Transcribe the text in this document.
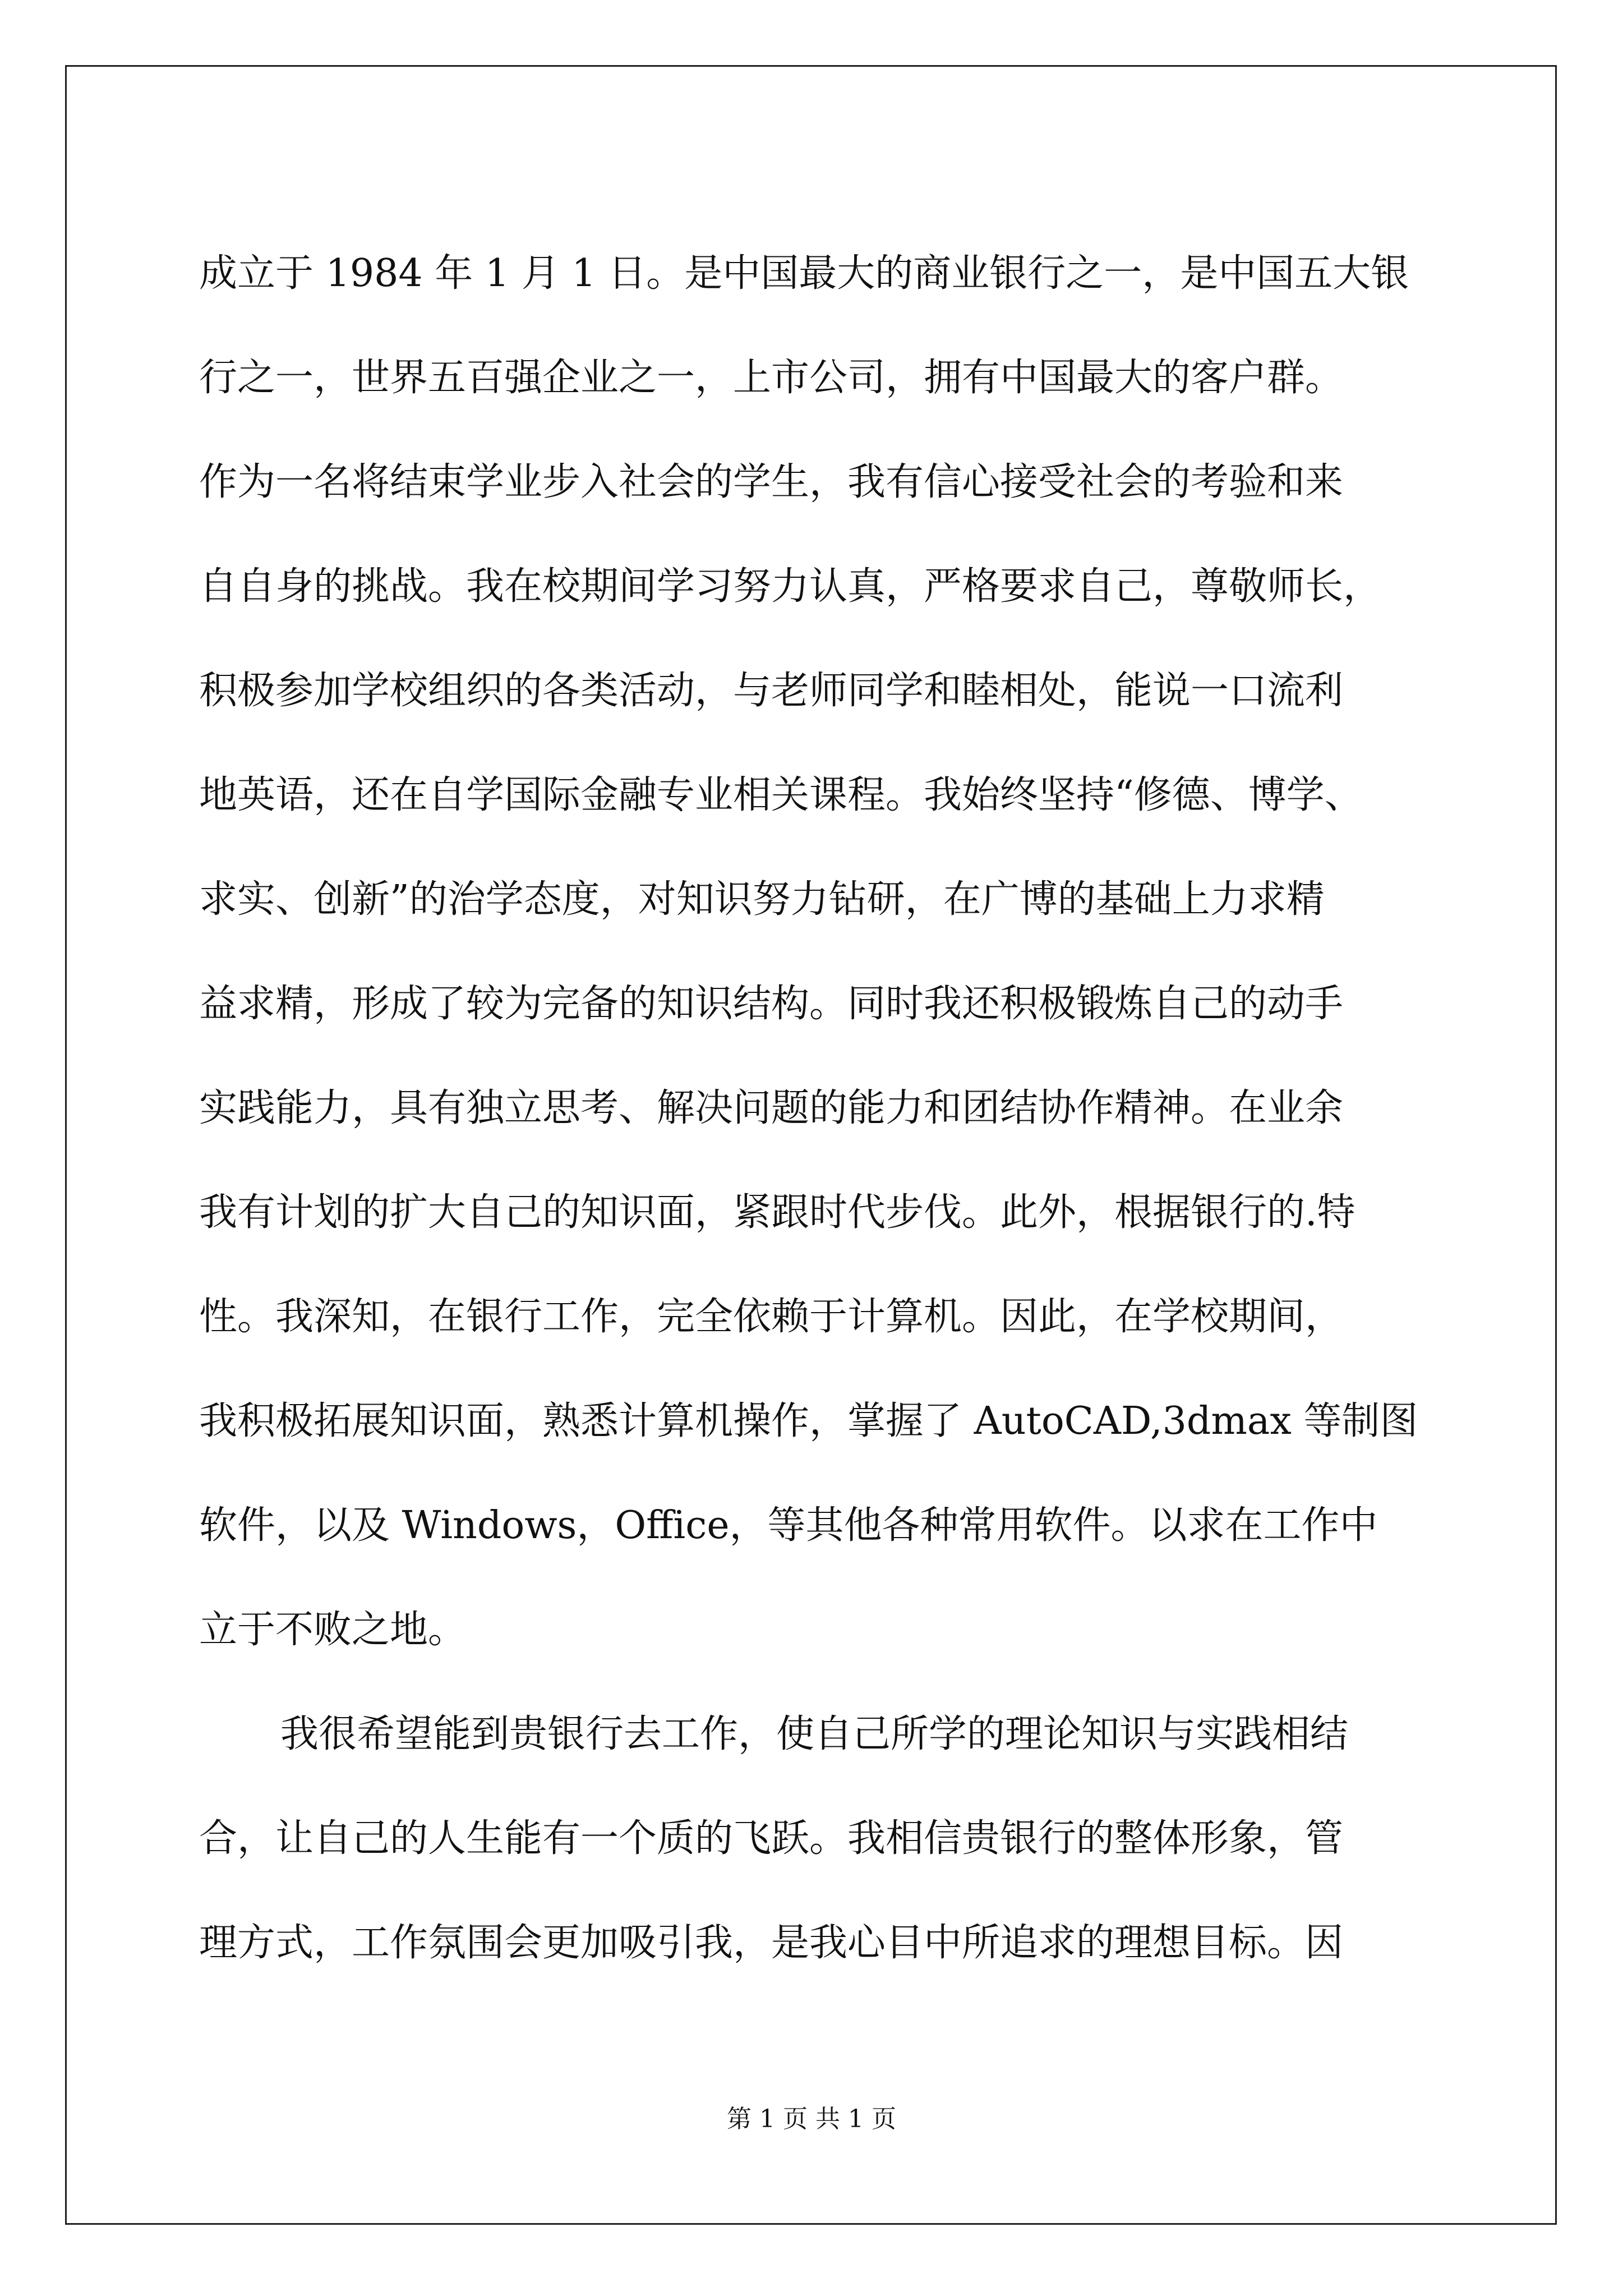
成立于 1984 年 1 月 1 日。是中国最大的商业银行之一，是中国五大银
行之一，世界五百强企业之一，上市公司，拥有中国最大的客户群。
作为一名将结束学业步入社会的学生，我有信心接受社会的考验和来
自自身的挑战。我在校期间学习努力认真，严格要求自己，尊敬师长，
积极参加学校组织的各类活动，与老师同学和睦相处，能说一口流利
地英语，还在自学国际金融专业相关课程。我始终坚持“修德、博学、
求实、创新”的治学态度，对知识努力钻研，在广博的基础上力求精
益求精，形成了较为完备的知识结构。同时我还积极锻炼自己的动手
实践能力，具有独立思考、解决问题的能力和团结协作精神。在业余
我有计划的扩大自己的知识面，紧跟时代步伐。此外，根据银行的.特
性。我深知，在银行工作，完全依赖于计算机。因此，在学校期间，
我积极拓展知识面，熟悉计算机操作，掌握了 AutoCAD,3dmax 等制图
软件，以及 Windows，Office，等其他各种常用软件。以求在工作中
立于不败之地。
我很希望能到贵银行去工作，使自己所学的理论知识与实践相结
合，让自己的人生能有一个质的飞跃。我相信贵银行的整体形象，管
理方式，工作氛围会更加吸引我，是我心目中所追求的理想目标。因
第 1 页 共 1 页
